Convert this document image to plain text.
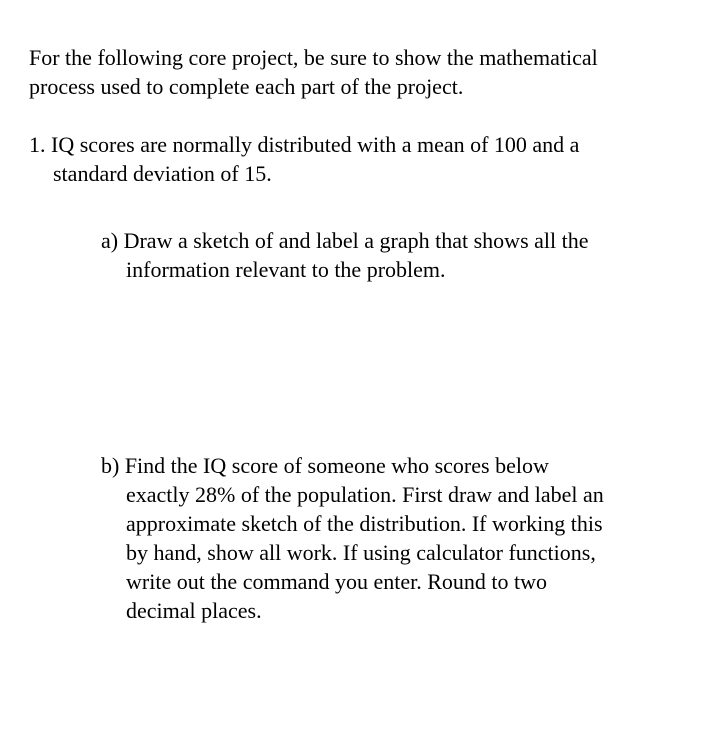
For the following core project, be sure to show the mathematical
process used to complete each part of the project.
1. IQ scores are normally distributed with a mean of 100 and a
standard deviation of 15.
a) Draw a sketch of and label a graph that shows all the
information relevant to the problem.
b) Find the IQ score of someone who scores below
exactly 28% of the population. First draw and label an
approximate sketch of the distribution. If working this
by hand, show all work. If using calculator functions,
write out the command you enter. Round to two
decimal places.
